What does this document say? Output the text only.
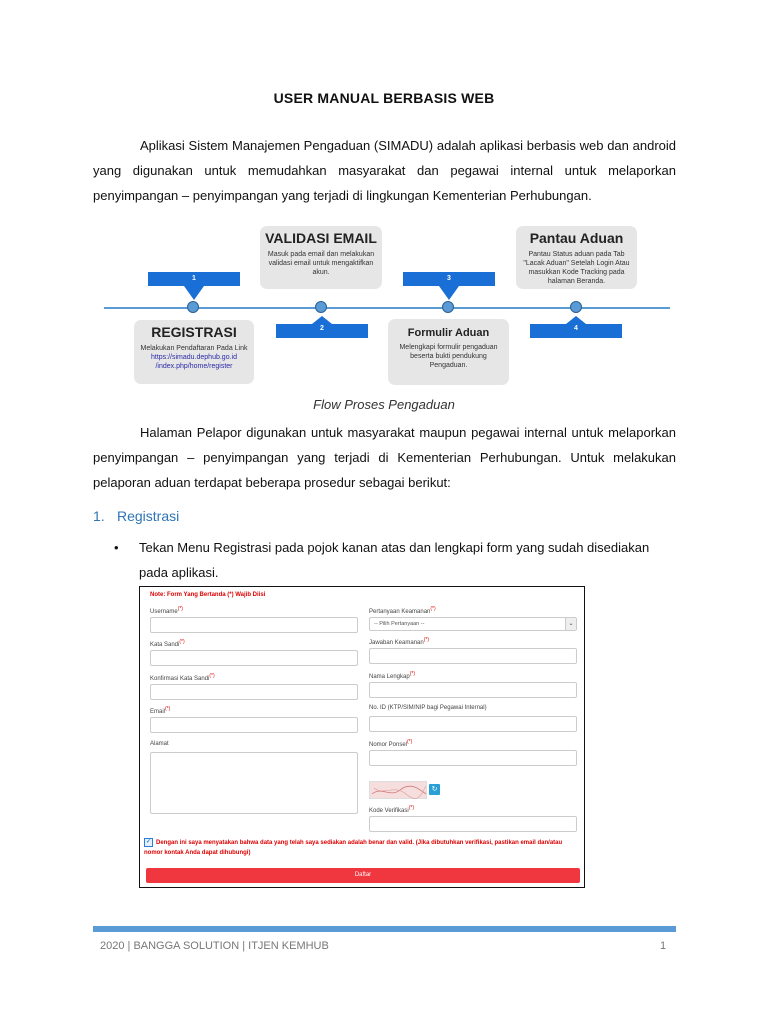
USER MANUAL BERBASIS WEB
Aplikasi Sistem Manajemen Pengaduan (SIMADU) adalah aplikasi berbasis web dan android yang digunakan untuk memudahkan masyarakat dan pegawai internal untuk melaporkan penyimpangan – penyimpangan yang terjadi di lingkungan Kementerian Perhubungan.
1
2
3
4
REGISTRASI
Melakukan Pendaftaran Pada Link
https://simadu.dephub.go.id /index.php/home/register
VALIDASI EMAIL
Masuk pada email dan melakukan validasi email untuk mengaktifkan akun.
Formulir Aduan
Melengkapi formulir pengaduan beserta bukti pendukung Pengaduan.
Pantau Aduan
Pantau Status aduan pada Tab "Lacak Aduan" Setelah Login Atau masukkan Kode Tracking pada halaman Beranda.
Flow Proses Pengaduan
Halaman Pelapor digunakan untuk masyarakat maupun pegawai internal untuk melaporkan penyimpangan – penyimpangan yang terjadi di Kementerian Perhubungan. Untuk melakukan pelaporan aduan terdapat beberapa prosedur sebagai berikut:
1. Registrasi
• Tekan Menu Registrasi pada pojok kanan atas dan lengkapi form yang sudah disediakan pada aplikasi.
Note: Form Yang Bertanda (*) Wajib Diisi
Username(*)
Kata Sandi(*)
Konfirmasi Kata Sandi(*)
Email(*)
Alamat
Pertanyaan Keamanan(*)
-- Pilih Pertanyaan --	⌄
Jawaban Keamanan(*)
Nama Lengkap(*)
No. ID (KTP/SIM/NIP bagi Pegawai Internal)
Nomor Ponsel(*)
↻
Kode Verifikasi(*)
✓ Dengan ini saya menyatakan bahwa data yang telah saya sediakan adalah benar dan valid. (Jika dibutuhkan verifikasi, pastikan email dan/atau nomor kontak Anda dapat dihubungi)
Daftar
2020 | BANGGA SOLUTION | ITJEN KEMHUB	1
